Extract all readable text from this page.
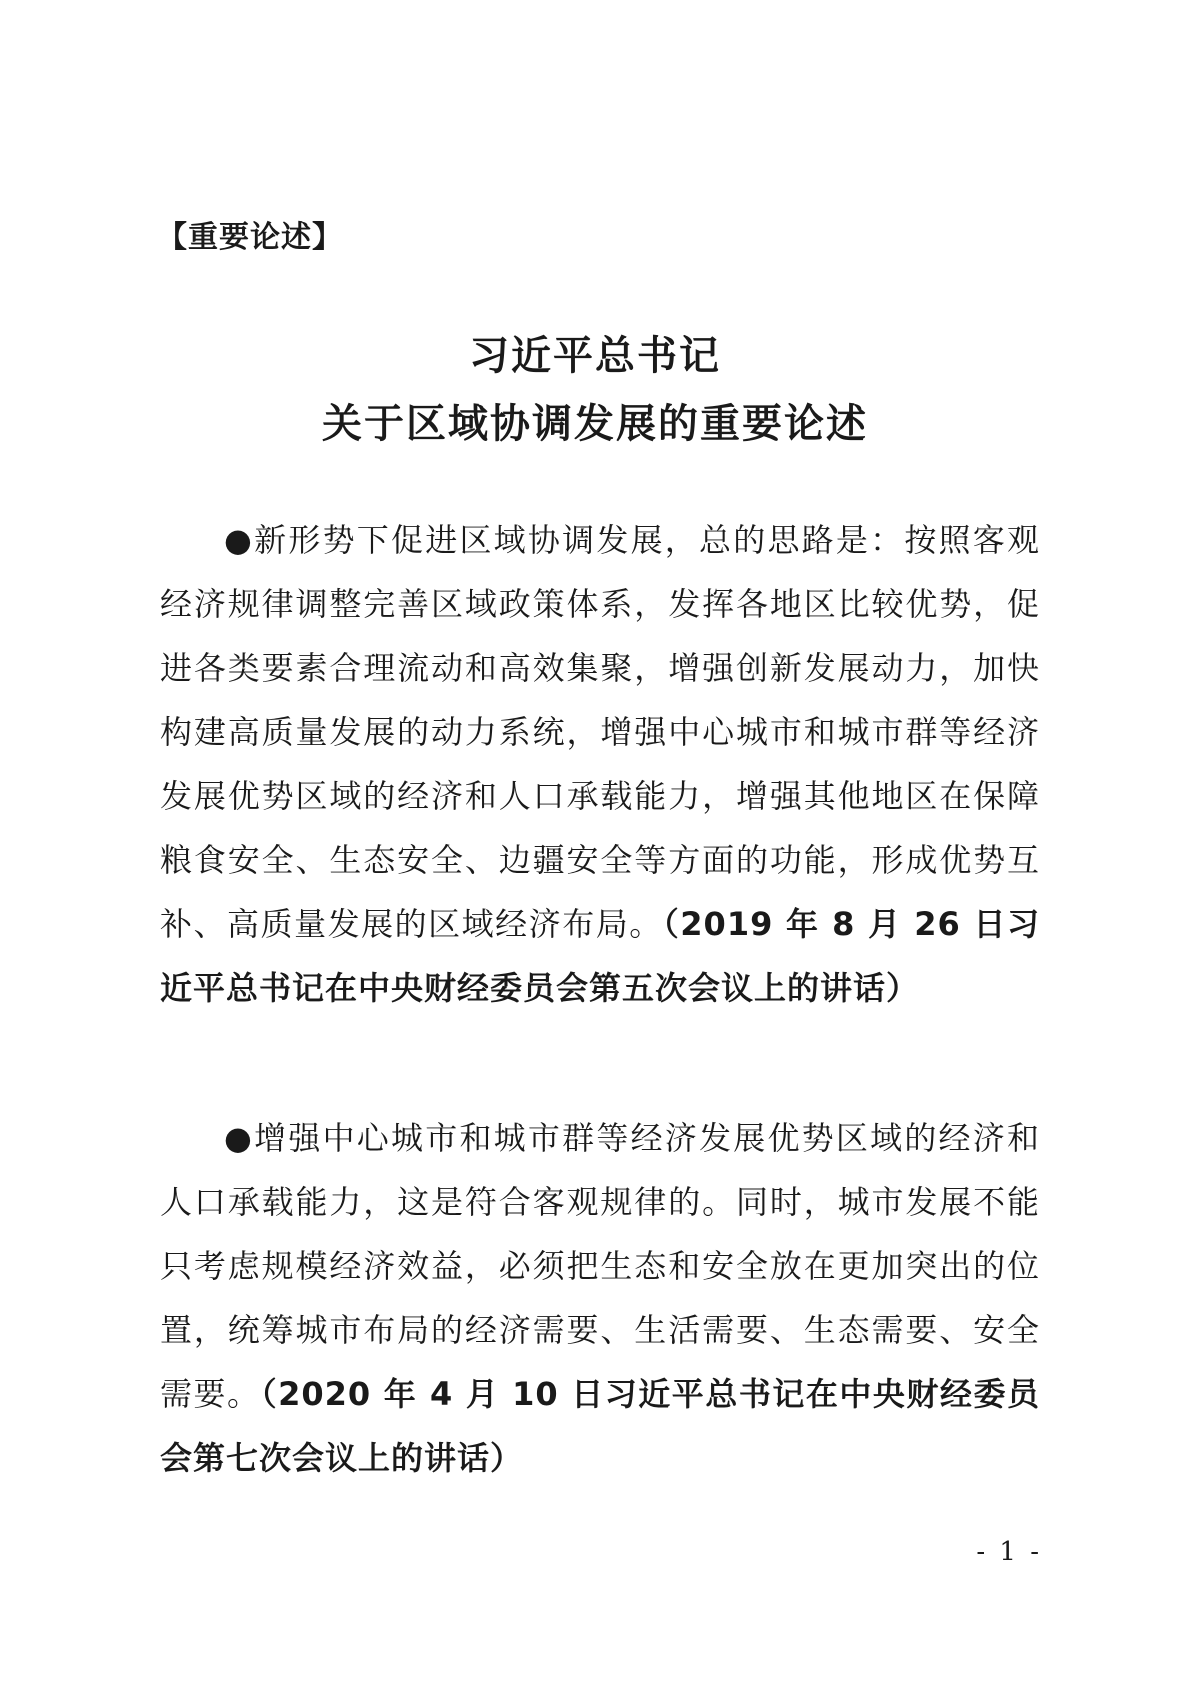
【重要论述】
习近平总书记
关于区域协调发展的重要论述

●新形势下促进区域协调发展，总的思路是：按照客观经济规律调整完善区域政策体系，发挥各地区比较优势，促进各类要素合理流动和高效集聚，增强创新发展动力，加快构建高质量发展的动力系统，增强中心城市和城市群等经济发展优势区域的经济和人口承载能力，增强其他地区在保障粮食安全、生态安全、边疆安全等方面的功能，形成优势互补、高质量发展的区域经济布局。（2019 年 8 月 26 日习近平总书记在中央财经委员会第五次会议上的讲话）

●增强中心城市和城市群等经济发展优势区域的经济和人口承载能力，这是符合客观规律的。同时，城市发展不能只考虑规模经济效益，必须把生态和安全放在更加突出的位置，统筹城市布局的经济需要、生活需要、生态需要、安全需要。（2020 年 4 月 10 日习近平总书记在中央财经委员会第七次会议上的讲话）

- 1 -
